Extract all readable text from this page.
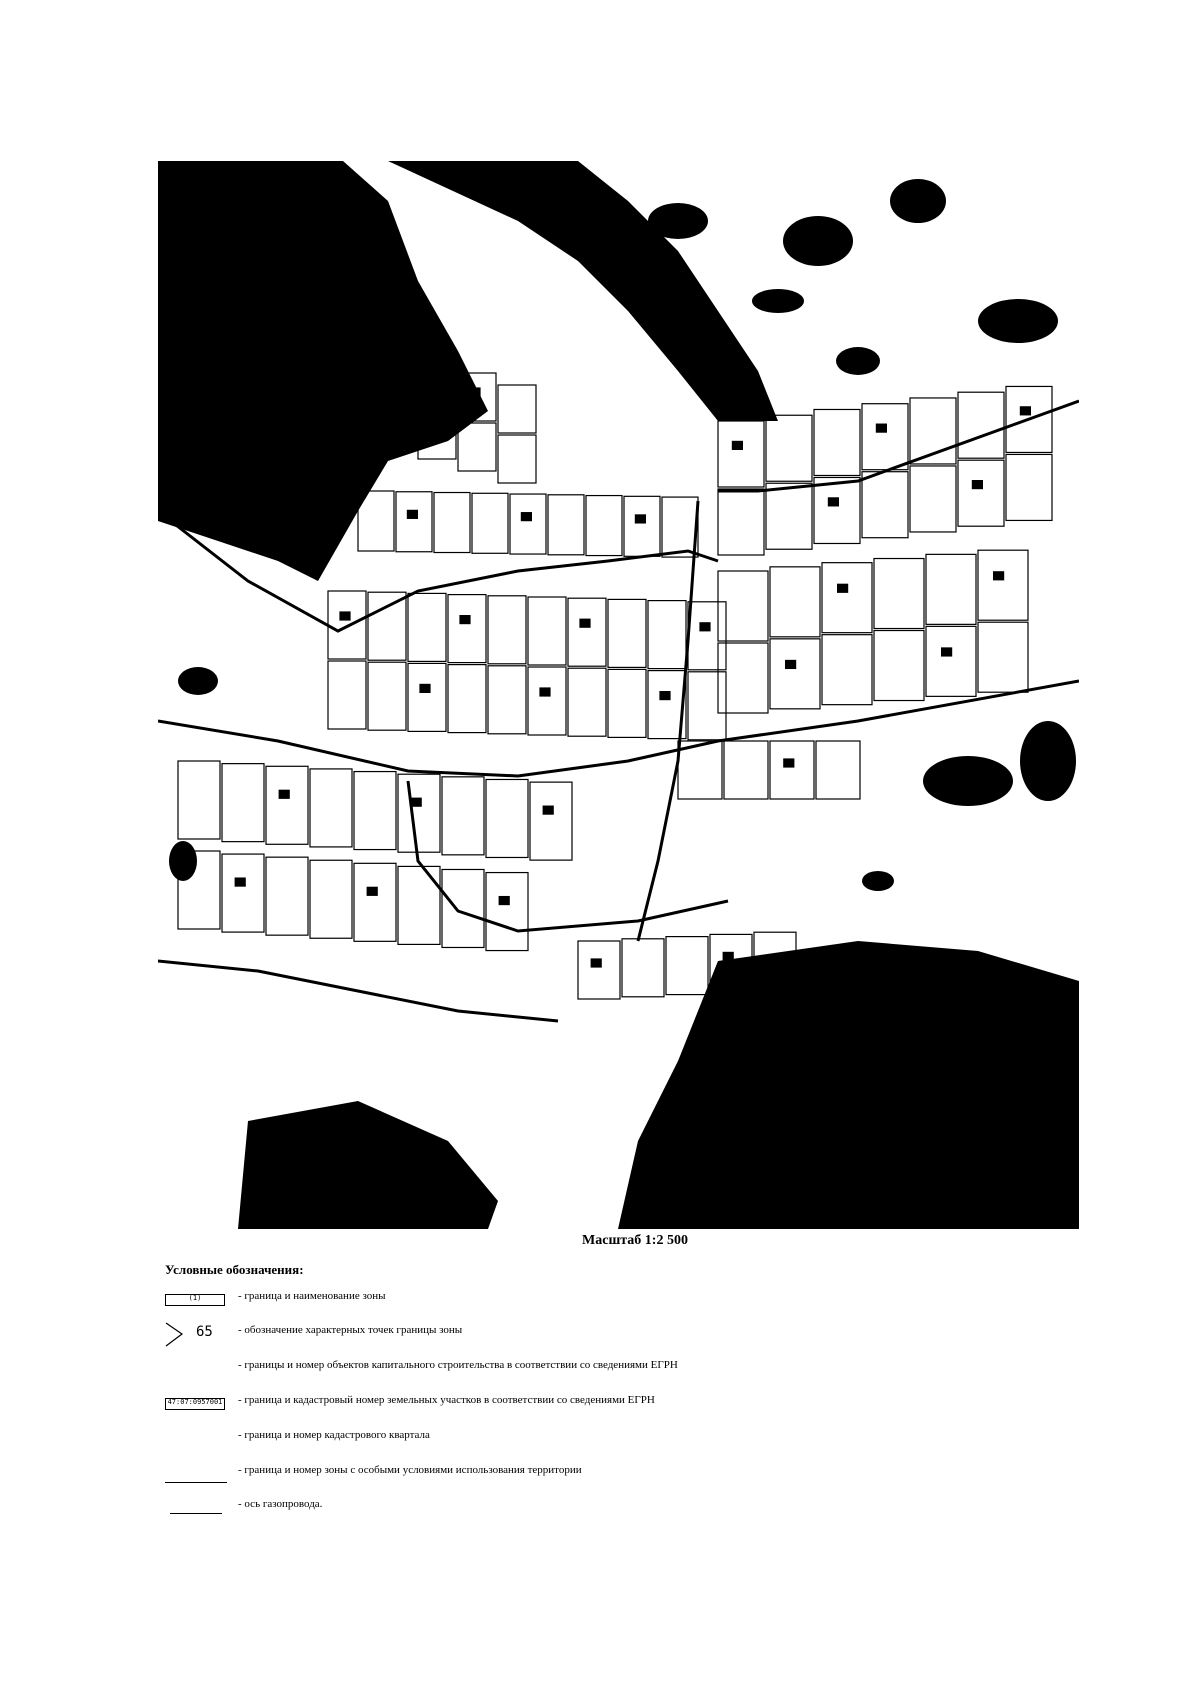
Масштаб 1:2 500
Условные обозначения:
(1)	- граница и наименование зоны
65 - обозначение характерных точек границы зоны
- границы и номер объектов капитального строительства в соответствии со сведениями ЕГРН
47:07:0957001 - граница и кадастровый номер земельных участков в соответствии со сведениями ЕГРН
- граница и номер кадастрового квартала
- граница и номер зоны с особыми условиями использования территории
- ось газопровода.
